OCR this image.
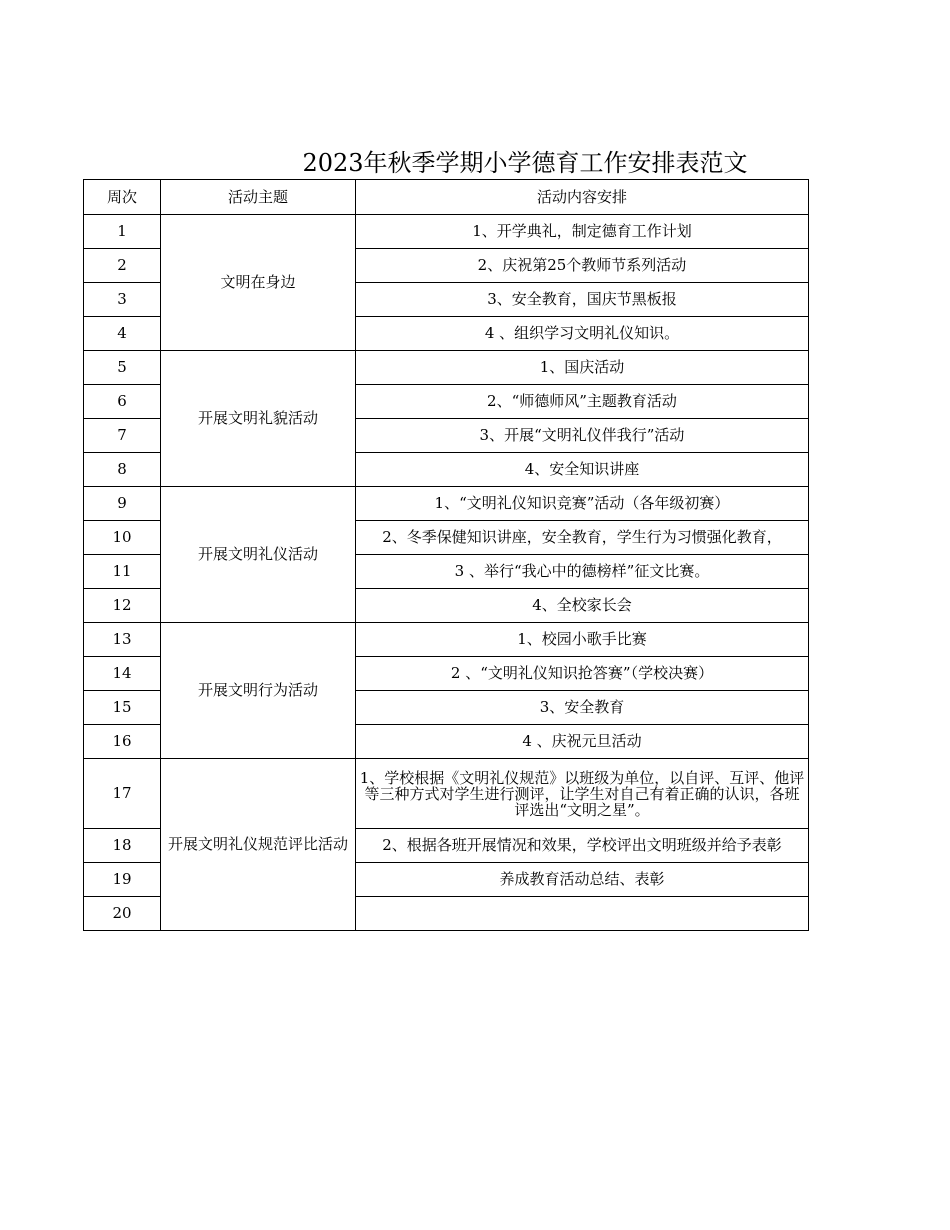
2023年秋季学期小学德育工作安排表范文
周次	活动主题	活动内容安排
1	文明在身边	1、开学典礼，制定德育工作计划
2		2、庆祝第25个教师节系列活动
3		3、安全教育，国庆节黑板报
4		4 、组织学习文明礼仪知识。
5	开展文明礼貌活动	1、国庆活动
6		2、“师德师风”主题教育活动
7		3、开展“文明礼仪伴我行”活动
8		4、安全知识讲座
9	开展文明礼仪活动	1、“文明礼仪知识竞赛”活动（各年级初赛）
10		2、冬季保健知识讲座，安全教育，学生行为习惯强化教育，
11		3 、举行“我心中的德榜样”征文比赛。
12		4、全校家长会
13	开展文明行为活动	1、校园小歌手比赛
14		2 、“文明礼仪知识抢答赛”（学校决赛）
15		3、安全教育
16		4 、庆祝元旦活动
17	开展文明礼仪规范评比活动	1、学校根据《文明礼仪规范》以班级为单位，以自评、互评、他评等三种方式对学生进行测评，让学生对自己有着正确的认识，各班评选出“文明之星”。
18		2、根据各班开展情况和效果，学校评出文明班级并给予表彰
19		养成教育活动总结、表彰
20		
